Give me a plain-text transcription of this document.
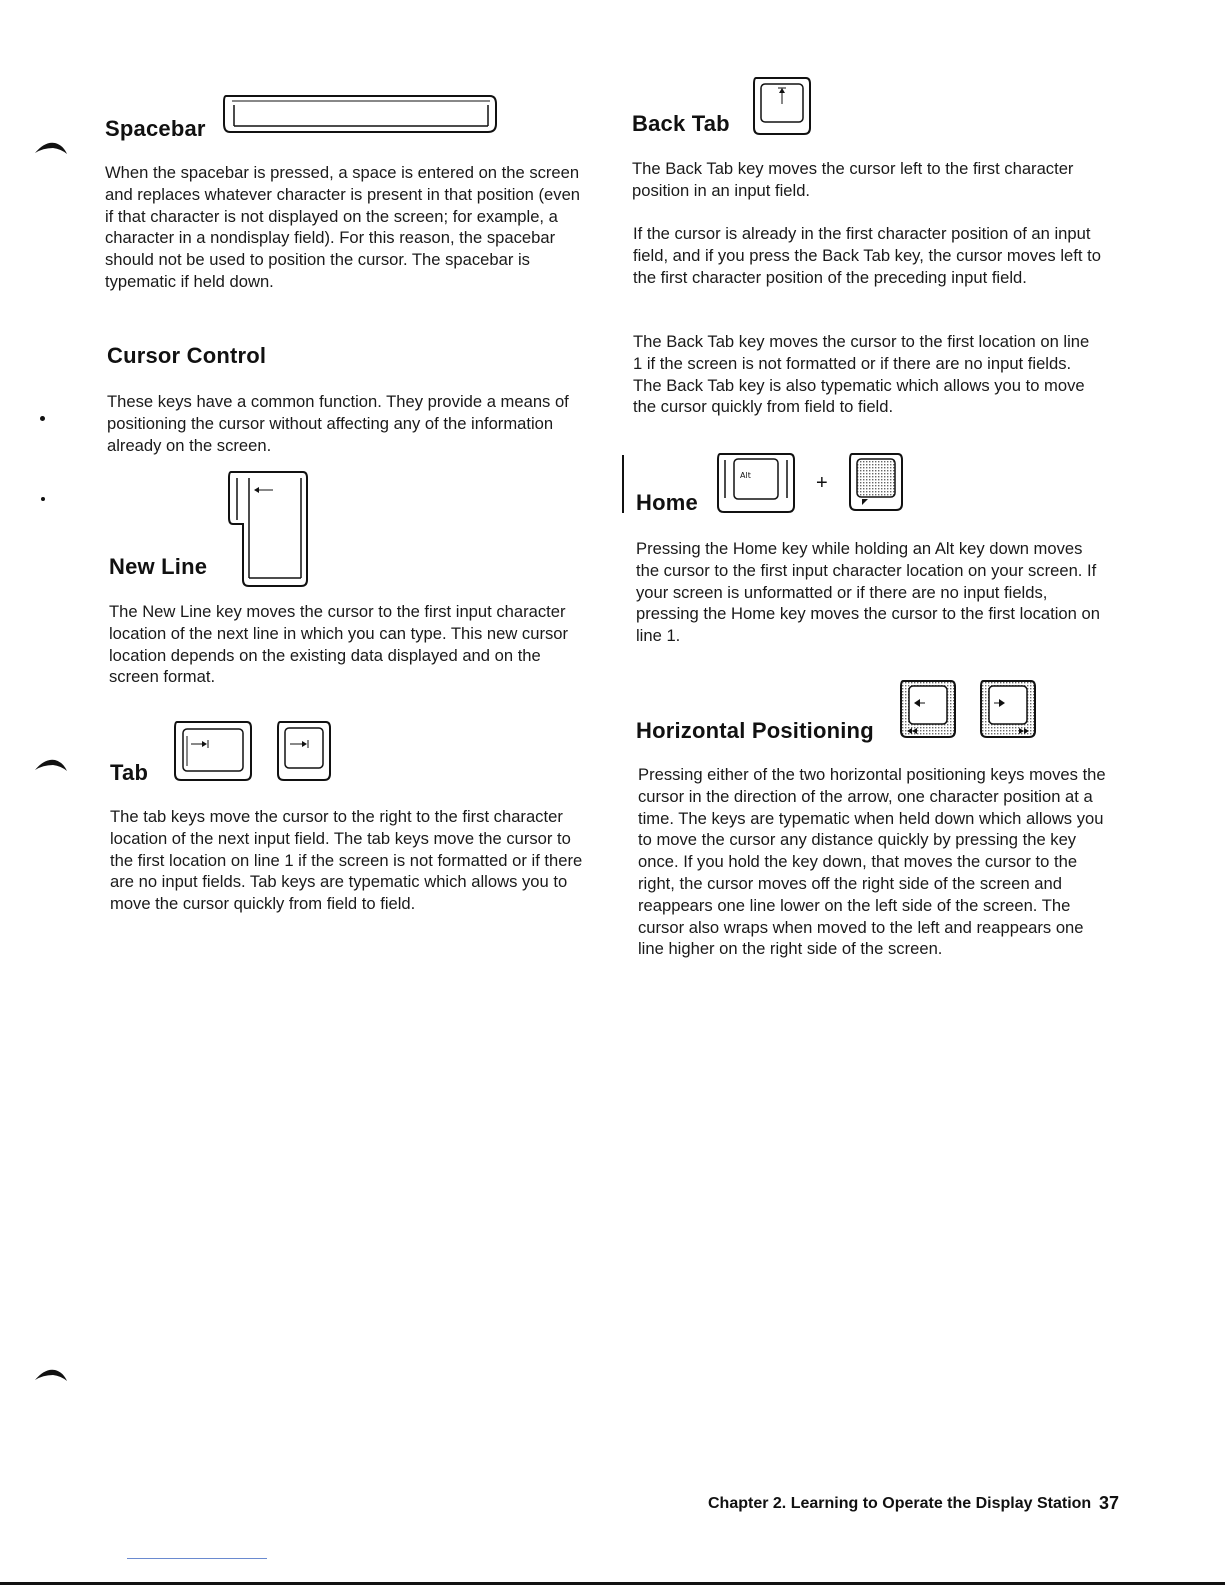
Spacebar
When the spacebar is pressed, a space is entered on the screen and replaces whatever character is present in that position (even if that character is not displayed on the screen; for example, a character in a nondisplay field). For this reason, the spacebar should not be used to position the cursor. The spacebar is typematic if held down.
Cursor Control
These keys have a common function. They provide a means of positioning the cursor without affecting any of the information already on the screen.
New Line
The New Line key moves the cursor to the first input character location of the next line in which you can type. This new cursor location depends on the existing data displayed and on the screen format.
Tab
The tab keys move the cursor to the right to the first character location of the next input field. The tab keys move the cursor to the first location on line 1 if the screen is not formatted or if there are no input fields. Tab keys are typematic which allows you to move the cursor quickly from field to field.
Back Tab
The Back Tab key moves the cursor left to the first character position in an input field.
If the cursor is already in the first character position of an input field, and if you press the Back Tab key, the cursor moves left to the first character position of the preceding input field.
The Back Tab key moves the cursor to the first location on line 1 if the screen is not formatted or if there are no input fields. The Back Tab key is also typematic which allows you to move the cursor quickly from field to field.
Home
Alt	+
Pressing the Home key while holding an Alt key down moves the cursor to the first input character location on your screen. If your screen is unformatted or if there are no input fields, pressing the Home key moves the cursor to the first location on line 1.
Horizontal Positioning
Pressing either of the two horizontal positioning keys moves the cursor in the direction of the arrow, one character position at a time. The keys are typematic when held down which allows you to move the cursor any distance quickly by pressing the key once. If you hold the key down, that moves the cursor to the right, the cursor moves off the right side of the screen and reappears one line lower on the left side of the screen. The cursor also wraps when moved to the left and reappears one line higher on the right side of the screen.
Chapter 2. Learning to Operate the Display Station 37
